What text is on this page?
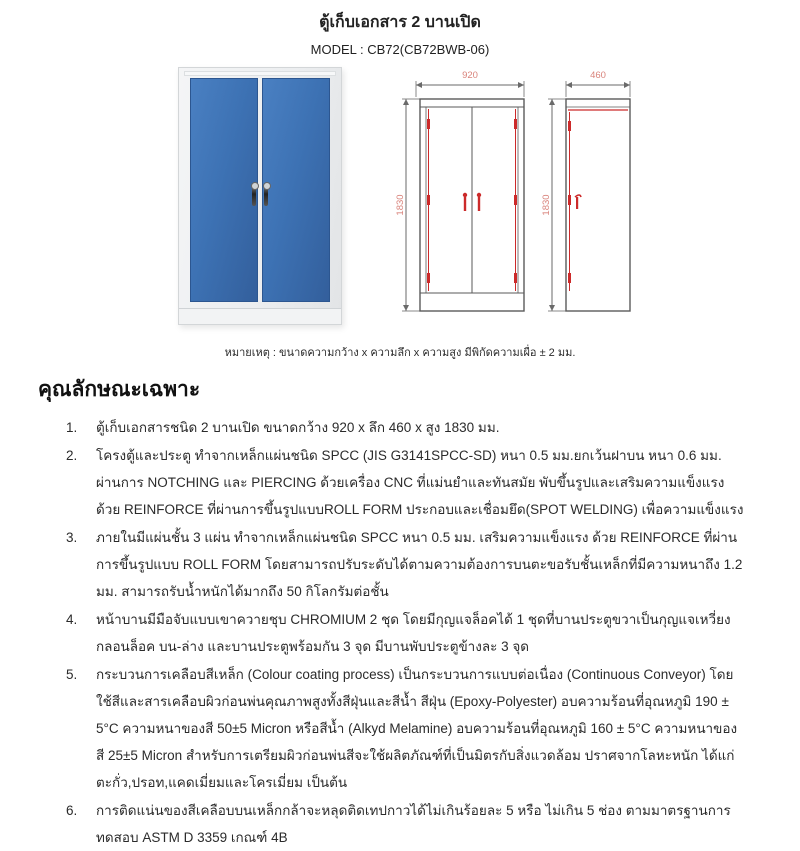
ตู้เก็บเอกสาร 2 บานเปิด
MODEL : CB72(CB72BWB-06)
920
1830
460
1830
หมายเหตุ : ขนาดความกว้าง x ความลึก x ความสูง มีพิกัดความเผื่อ ± 2 มม.
คุณลักษณะเฉพาะ
1.	ตู้เก็บเอกสารชนิด 2 บานเปิด ขนาดกว้าง 920 x ลึก 460 x สูง 1830 มม.
2.	โครงตู้และประตู ทำจากเหล็กแผ่นชนิด SPCC (JIS G3141SPCC-SD) หนา 0.5 มม.ยกเว้นฝาบน หนา 0.6 มม. ผ่านการ NOTCHING และ PIERCING ด้วยเครื่อง CNC ที่แม่นยำและทันสมัย พับขึ้นรูปและเสริมความแข็งแรงด้วย REINFORCE ที่ผ่านการขึ้นรูปแบบROLL FORM ประกอบและเชื่อมยึด(SPOT WELDING) เพื่อความแข็งแรง
3.	ภายในมีแผ่นชั้น 3 แผ่น ทำจากเหล็กแผ่นชนิด SPCC หนา 0.5 มม. เสริมความแข็งแรง ด้วย REINFORCE ที่ผ่านการขึ้นรูปแบบ ROLL FORM โดยสามารถปรับระดับได้ตามความต้องการบนตะขอรับชั้นเหล็กที่มีความหนาถึง 1.2 มม. สามารถรับน้ำหนักได้มากถึง 50 กิโลกรัมต่อชั้น
4.	หน้าบานมีมือจับแบบเขาควายชุบ CHROMIUM 2 ชุด โดยมีกุญแจล็อคได้ 1 ชุดที่บานประตูขวาเป็นกุญแจเหวี่ยงกลอนล็อค บน-ล่าง และบานประตูพร้อมกัน 3 จุด มีบานพับประตูข้างละ 3 จุด
5.	กระบวนการเคลือบสีเหล็ก (Colour coating process) เป็นกระบวนการแบบต่อเนื่อง (Continuous Conveyor) โดยใช้สีและสารเคลือบผิวก่อนพ่นคุณภาพสูงทั้งสีฝุ่นและสีน้ำ สีฝุ่น (Epoxy-Polyester) อบความร้อนที่อุณหภูมิ 190 ± 5°C ความหนาของสี 50±5 Micron หรือสีน้ำ (Alkyd Melamine) อบความร้อนที่อุณหภูมิ 160 ± 5°C ความหนาของสี 25±5 Micron สำหรับการเตรียมผิวก่อนพ่นสีจะใช้ผลิตภัณฑ์ที่เป็นมิตรกับสิ่งแวดล้อม ปราศจากโลหะหนัก ได้แก่ ตะกั่ว,ปรอท,แคดเมี่ยมและโครเมี่ยม เป็นต้น
6.	การติดแน่นของสีเคลือบบนเหล็กกล้าจะหลุดติดเทปกาวได้ไม่เกินร้อยละ 5 หรือ ไม่เกิน 5 ช่อง ตามมาตรฐานการทดสอบ ASTM D 3359 เกณฑ์ 4B
